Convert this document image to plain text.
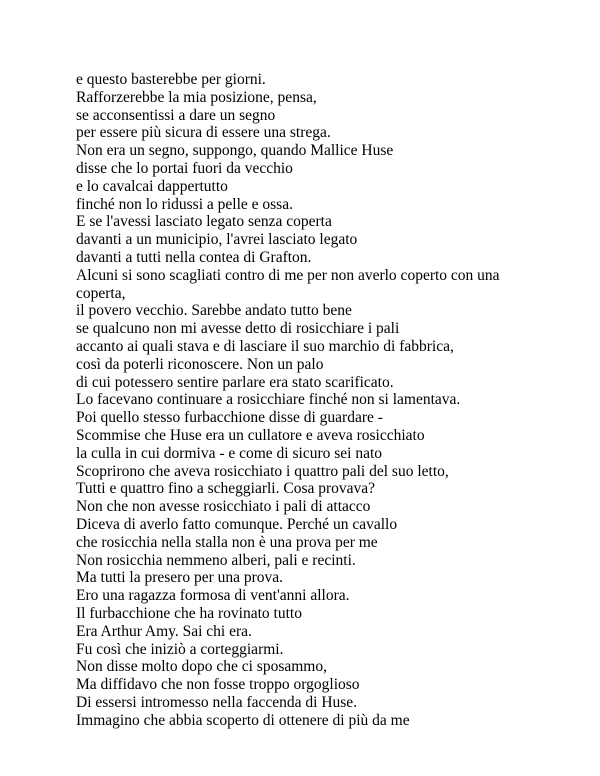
e questo basterebbe per giorni.
Rafforzerebbe la mia posizione, pensa,
se acconsentissi a dare un segno
per essere più sicura di essere una strega.
Non era un segno, suppongo, quando Mallice Huse
disse che lo portai fuori da vecchio
e lo cavalcai dappertutto
finché non lo ridussi a pelle e ossa.
E se l'avessi lasciato legato senza coperta
davanti a un municipio, l'avrei lasciato legato
davanti a tutti nella contea di Grafton.
Alcuni si sono scagliati contro di me per non averlo coperto con una
coperta,
il povero vecchio. Sarebbe andato tutto bene
se qualcuno non mi avesse detto di rosicchiare i pali
accanto ai quali stava e di lasciare il suo marchio di fabbrica,
così da poterli riconoscere. Non un palo
di cui potessero sentire parlare era stato scarificato.
Lo facevano continuare a rosicchiare finché non si lamentava.
Poi quello stesso furbacchione disse di guardare -
Scommise che Huse era un cullatore e aveva rosicchiato
la culla in cui dormiva - e come di sicuro sei nato
Scoprirono che aveva rosicchiato i quattro pali del suo letto,
Tutti e quattro fino a scheggiarli. Cosa provava?
Non che non avesse rosicchiato i pali di attacco
Diceva di averlo fatto comunque. Perché un cavallo
che rosicchia nella stalla non è una prova per me
Non rosicchia nemmeno alberi, pali e recinti.
Ma tutti la presero per una prova.
Ero una ragazza formosa di vent'anni allora.
Il furbacchione che ha rovinato tutto
Era Arthur Amy. Sai chi era.
Fu così che iniziò a corteggiarmi.
Non disse molto dopo che ci sposammo,
Ma diffidavo che non fosse troppo orgoglioso
Di essersi intromesso nella faccenda di Huse.
Immagino che abbia scoperto di ottenere di più da me
